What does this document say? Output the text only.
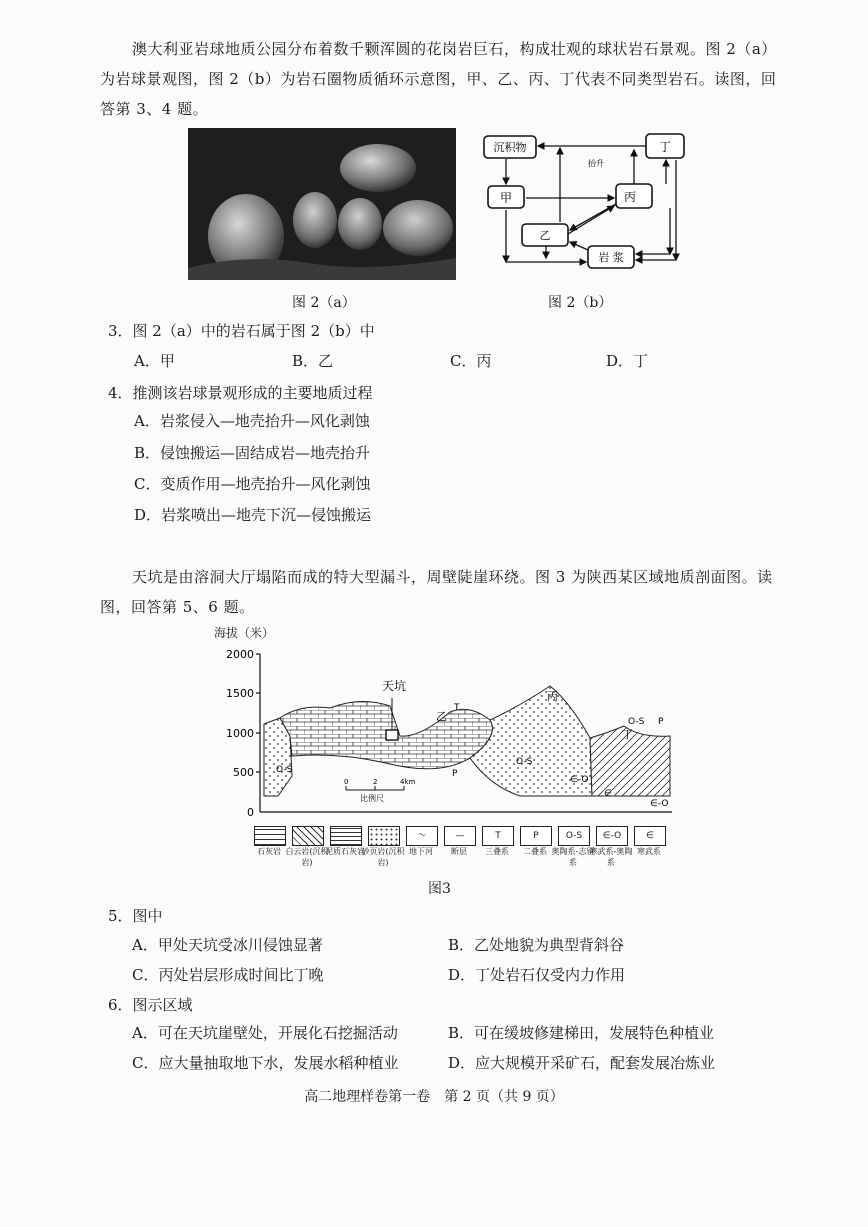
澳大利亚岩球地质公园分布着数千颗浑圆的花岗岩巨石，构成壮观的球状岩石景观。图 2（a）为岩球景观图，图 2（b）为岩石圈物质循环示意图，甲、乙、丙、丁代表不同类型岩石。读图，回答第 3、4 题。
沉积物
甲
乙
丙
丁
岩 浆
抬升
图 2（a）	图 2（b）
3．图 2（a）中的岩石属于图 2（b）中
A．甲	B．乙	C．丙	D．丁
4．推测该岩球景观形成的主要地质过程
A．岩浆侵入—地壳抬升—风化剥蚀
B．侵蚀搬运—固结成岩—地壳抬升
C．变质作用—地壳抬升—风化剥蚀
D．岩浆喷出—地壳下沉—侵蚀搬运
天坑是由溶洞大厅塌陷而成的特大型漏斗，周壁陡崖环绕。图 3 为陕西某区域地质剖面图。读图，回答第 5、6 题。
海拔（米）
2000
1500
1000
500
0
天坑
乙
T
丙
丁
O-S	P
O-S
∈-O
∈
O-S P
∈-O
0	2	4km
比例尺
石灰岩 白云岩(沉积岩)
泥质石灰岩
砂页岩(沉积岩)
〜
地下河
—
断层
T
三叠系
P
二叠系
O-S
奥陶系-志留系
∈-O
寒武系-奥陶系
∈
寒武系
图3
5．图中
A．甲处天坑受冰川侵蚀显著	B．乙处地貌为典型背斜谷
C．丙处岩层形成时间比丁晚	D．丁处岩石仅受内力作用
6．图示区域
A．可在天坑崖壁处，开展化石挖掘活动	B．可在缓坡修建梯田，发展特色种植业
C．应大量抽取地下水，发展水稻种植业	D．应大规模开采矿石，配套发展冶炼业
高二地理样卷第一卷　第 2 页（共 9 页）
